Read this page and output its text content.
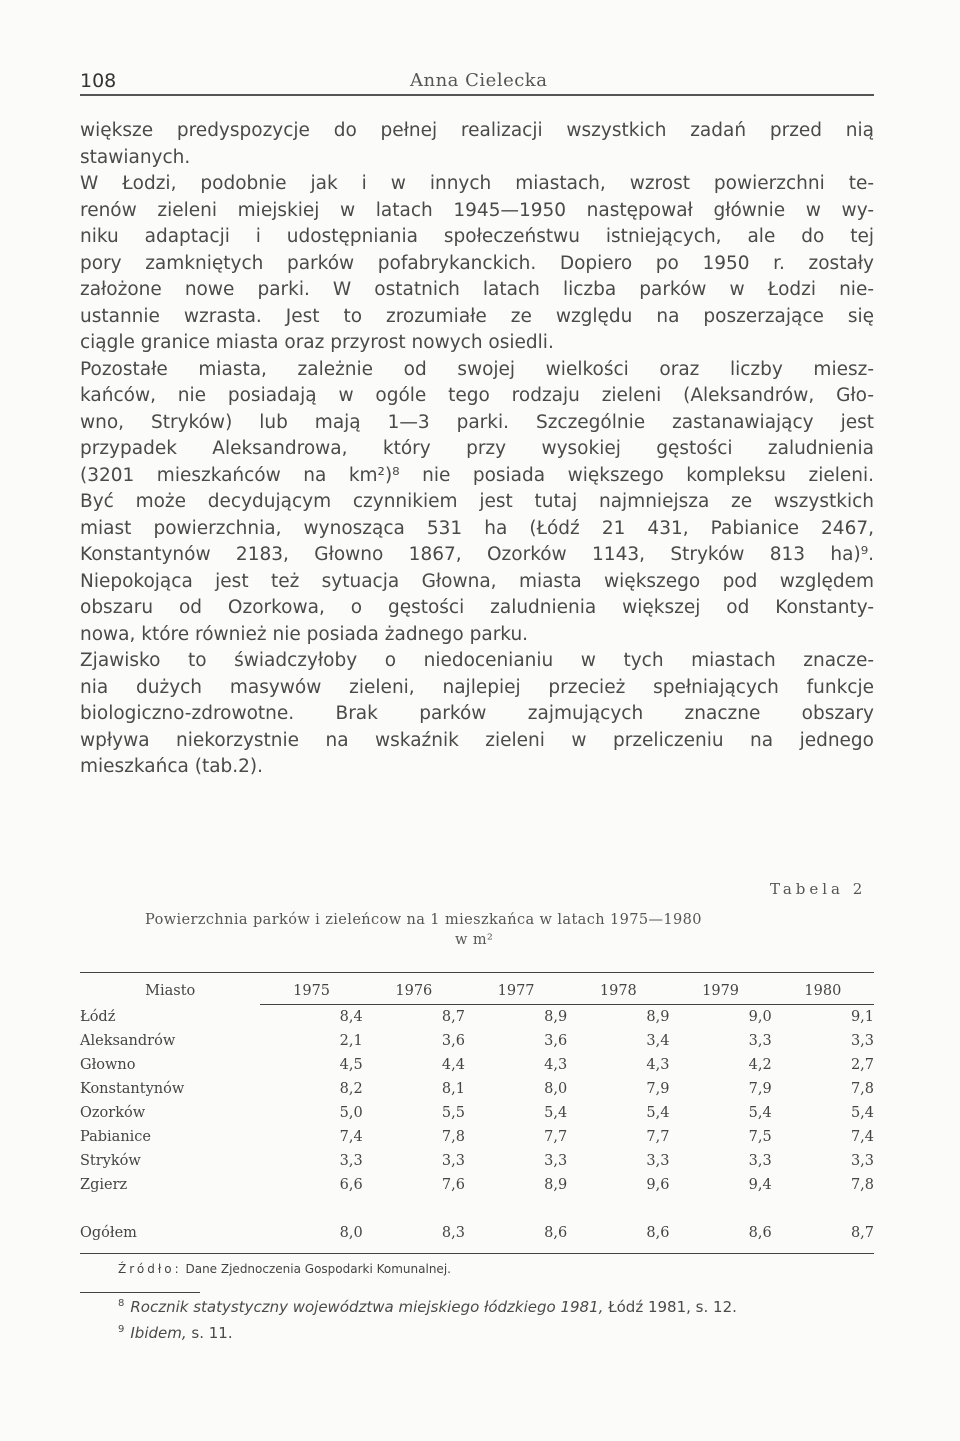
108	Anna Cielecka
większe predyspozycje do pełnej realizacji wszystkich zadań przed nią
stawianych.
W Łodzi, podobnie jak i w innych miastach, wzrost powierzchni te-
renów zieleni miejskiej w latach 1945—1950 następował głównie w wy-
niku adaptacji i udostępniania społeczeństwu istniejących, ale do tej
pory zamkniętych parków pofabrykanckich. Dopiero po 1950 r. zostały
założone nowe parki. W ostatnich latach liczba parków w Łodzi nie-
ustannie wzrasta. Jest to zrozumiałe ze względu na poszerzające się
ciągle granice miasta oraz przyrost nowych osiedli.
Pozostałe miasta, zależnie od swojej wielkości oraz liczby miesz-
kańców, nie posiadają w ogóle tego rodzaju zieleni (Aleksandrów, Gło-
wno, Stryków) lub mają 1—3 parki. Szczególnie zastanawiający jest
przypadek Aleksandrowa, który przy wysokiej gęstości zaludnienia
(3201 mieszkańców na km²)⁸ nie posiada większego kompleksu zieleni.
Być może decydującym czynnikiem jest tutaj najmniejsza ze wszystkich
miast powierzchnia, wynosząca 531 ha (Łódź 21 431, Pabianice 2467,
Konstantynów 2183, Głowno 1867, Ozorków 1143, Stryków 813 ha)⁹.
Niepokojąca jest też sytuacja Głowna, miasta większego pod względem
obszaru od Ozorkowa, o gęstości zaludnienia większej od Konstanty-
nowa, które również nie posiada żadnego parku.
Zjawisko to świadczyłoby o niedocenianiu w tych miastach znacze-
nia dużych masywów zieleni, najlepiej przecież spełniających funkcje
biologiczno-zdrowotne. Brak parków zajmujących znaczne obszary
wpływa niekorzystnie na wskaźnik zieleni w przeliczeniu na jednego
mieszkańca (tab.2).
Tabela 2
Powierzchnia parków i zieleńcow na 1 mieszkańca w latach 1975—1980
w m²
Miasto	1975	1976	1977	1978	1979	1980
Łódź	8,4	8,7	8,9	8,9	9,0	9,1
Aleksandrów	2,1	3,6	3,6	3,4	3,3	3,3
Głowno	4,5	4,4	4,3	4,3	4,2	2,7
Konstantynów	8,2	8,1	8,0	7,9	7,9	7,8
Ozorków	5,0	5,5	5,4	5,4	5,4	5,4
Pabianice	7,4	7,8	7,7	7,7	7,5	7,4
Stryków	3,3	3,3	3,3	3,3	3,3	3,3
Zgierz	6,6	7,6	8,9	9,6	9,4	7,8

Ogółem	8,0	8,3	8,6	8,6	8,6	8,7
Źródło: Dane Zjednoczenia Gospodarki Komunalnej.
$^8$ Rocznik statystyczny województwa miejskiego łódzkiego 1981, Łódź 1981, s. 12.
$^9$ Ibidem, s. 11.
